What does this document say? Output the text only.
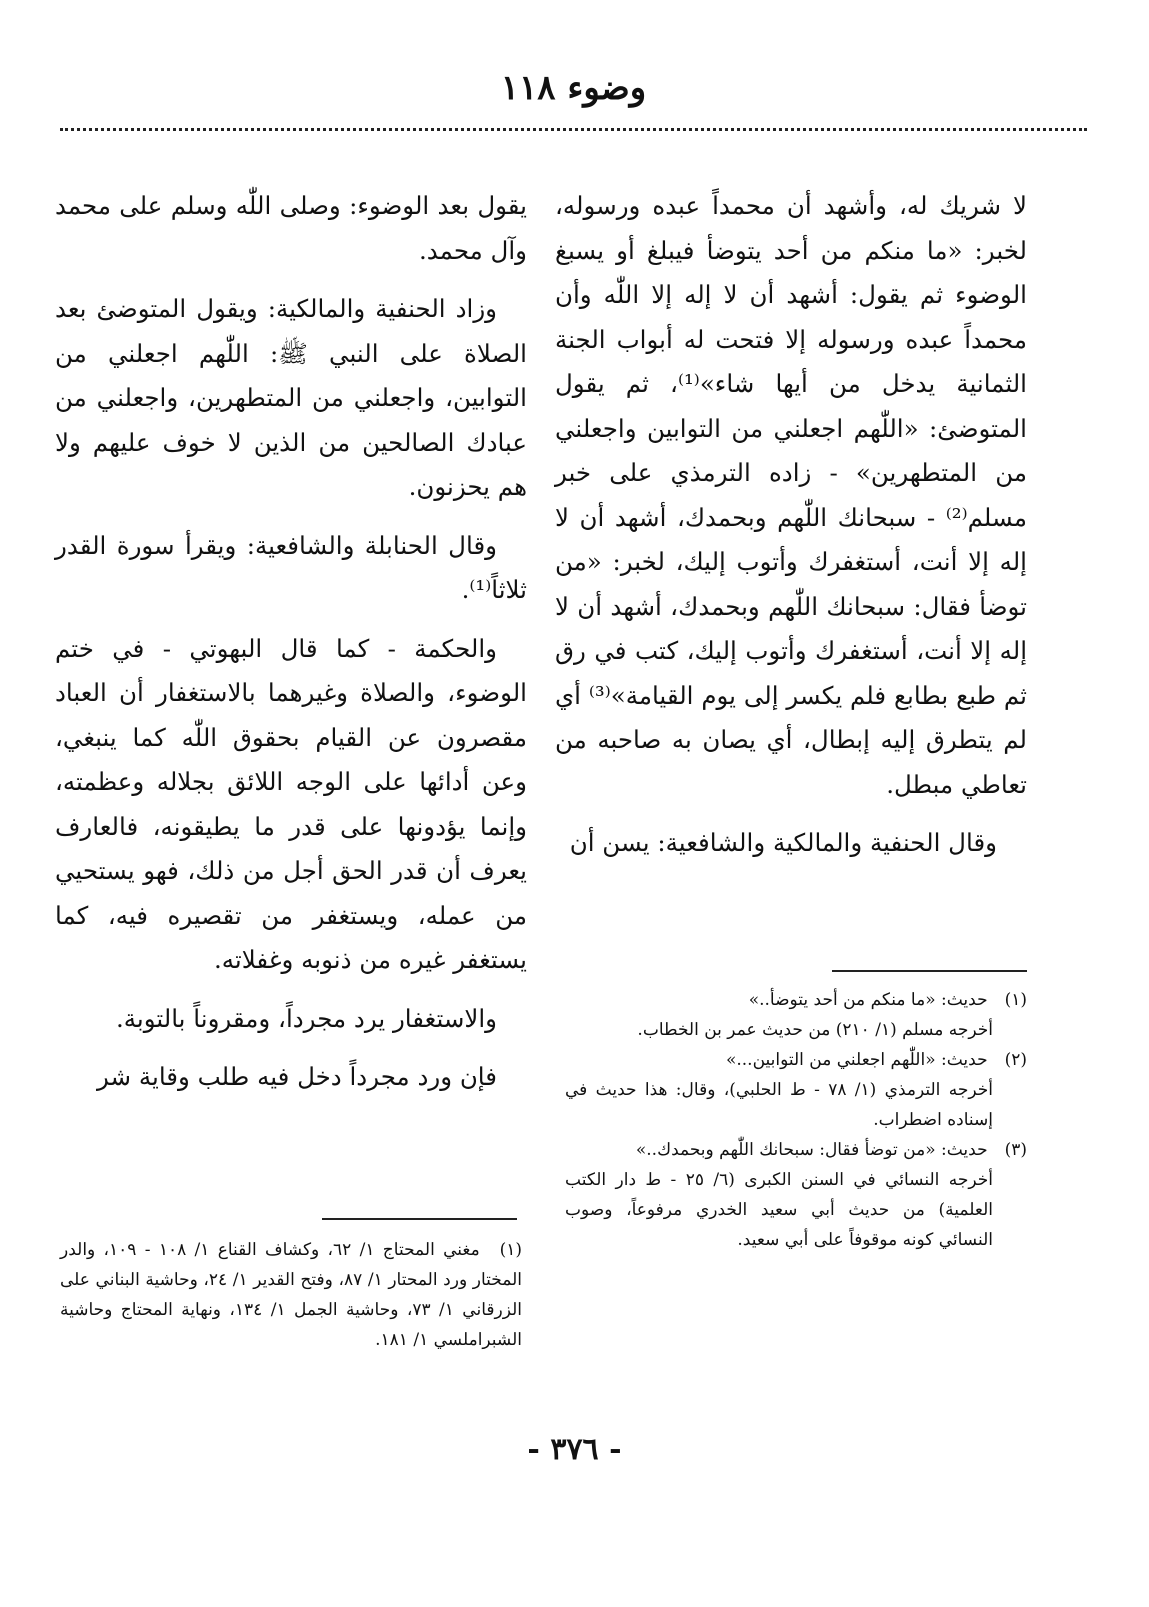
وضوء ١١٨

لا شريك له، وأشهد أن محمداً عبده ورسوله، لخبر: «ما منكم من أحد يتوضأ فيبلغ أو يسبغ الوضوء ثم يقول: أشهد أن لا إله إلا اللّٰه وأن محمداً عبده ورسوله إلا فتحت له أبواب الجنة الثمانية يدخل من أيها شاء»⁽¹⁾، ثم يقول المتوضئ: «اللّٰهم اجعلني من التوابين واجعلني من المتطهرين» - زاده الترمذي على خبر مسلم⁽²⁾ - سبحانك اللّٰهم وبحمدك، أشهد أن لا إله إلا أنت، أستغفرك وأتوب إليك، لخبر: «من توضأ فقال: سبحانك اللّٰهم وبحمدك، أشهد أن لا إله إلا أنت، أستغفرك وأتوب إليك، كتب في رق ثم طبع بطابع فلم يكسر إلى يوم القيامة»⁽³⁾ أي لم يتطرق إليه إبطال، أي يصان به صاحبه من تعاطي مبطل.

وقال الحنفية والمالكية والشافعية: يسن أن

(١) حديث: «ما منكم من أحد يتوضأ..»

أخرجه مسلم (١/ ٢١٠) من حديث عمر بن الخطاب.

(٢) حديث: «اللّٰهم اجعلني من التوابين...»

أخرجه الترمذي (١/ ٧٨ - ط الحلبي)، وقال: هذا حديث في إسناده اضطراب.

(٣) حديث: «من توضأ فقال: سبحانك اللّٰهم وبحمدك..»

أخرجه النسائي في السنن الكبرى (٦/ ٢٥ - ط دار الكتب العلمية) من حديث أبي سعيد الخدري مرفوعاً، وصوب النسائي كونه موقوفاً على أبي سعيد.

يقول بعد الوضوء: وصلى اللّٰه وسلم على محمد وآل محمد.

وزاد الحنفية والمالكية: ويقول المتوضئ بعد الصلاة على النبي ﷺ: اللّٰهم اجعلني من التوابين، واجعلني من المتطهرين، واجعلني من عبادك الصالحين من الذين لا خوف عليهم ولا هم يحزنون.

وقال الحنابلة والشافعية: ويقرأ سورة القدر ثلاثاً⁽¹⁾.

والحكمة - كما قال البهوتي - في ختم الوضوء، والصلاة وغيرهما بالاستغفار أن العباد مقصرون عن القيام بحقوق اللّٰه كما ينبغي، وعن أدائها على الوجه اللائق بجلاله وعظمته، وإنما يؤدونها على قدر ما يطيقونه، فالعارف يعرف أن قدر الحق أجل من ذلك، فهو يستحيي من عمله، ويستغفر من تقصيره فيه، كما يستغفر غيره من ذنوبه وغفلاته.

والاستغفار يرد مجرداً، ومقروناً بالتوبة.

فإن ورد مجرداً دخل فيه طلب وقاية شر

(١) مغني المحتاج ١/ ٦٢، وكشاف القناع ١/ ١٠٨ - ١٠٩، والدر المختار ورد المحتار ١/ ٨٧، وفتح القدير ١/ ٢٤، وحاشية البناني على الزرقاني ١/ ٧٣، وحاشية الجمل ١/ ١٣٤، ونهاية المحتاج وحاشية الشبراملسي ١/ ١٨١.

- ٣٧٦ -
